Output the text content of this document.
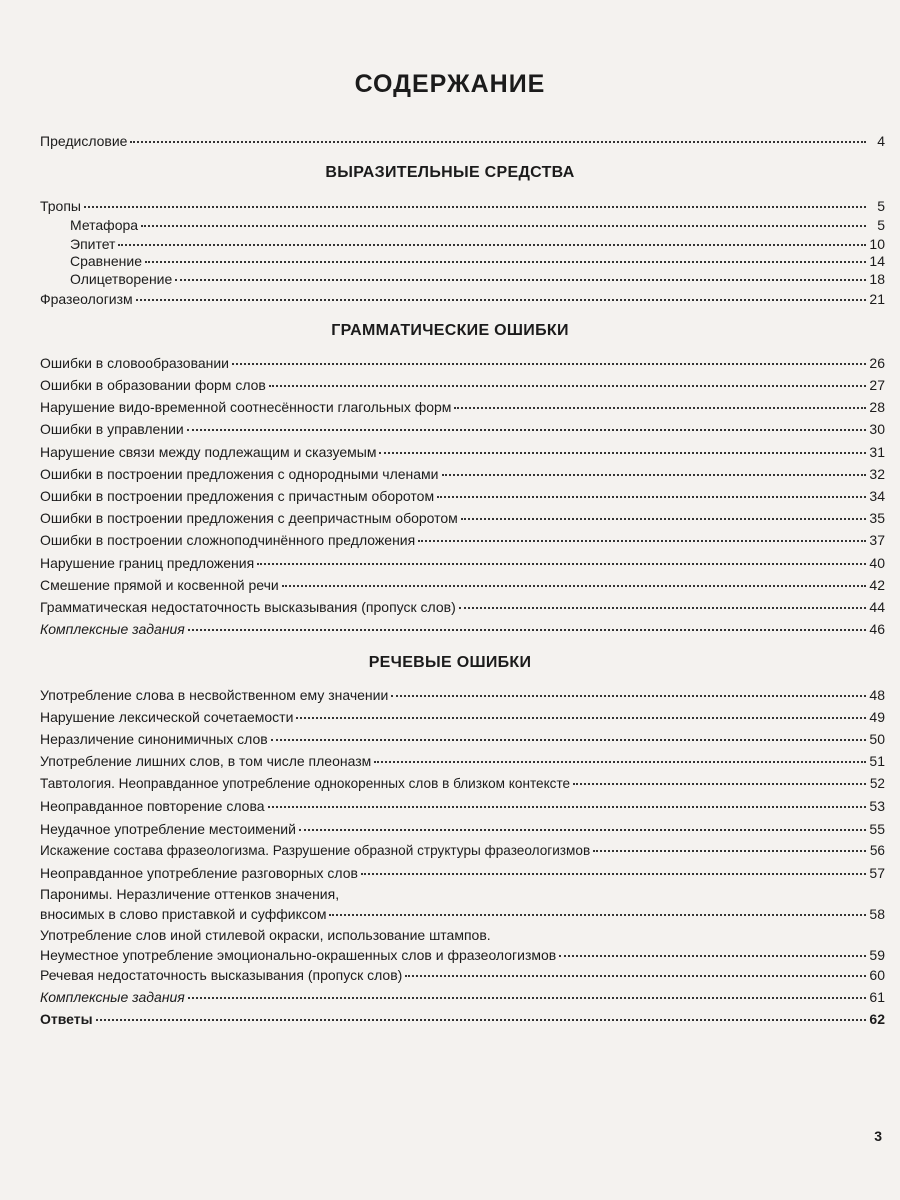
СОДЕРЖАНИЕ
Предисловие	4
ВЫРАЗИТЕЛЬНЫЕ СРЕДСТВА
Тропы	5
Метафора	5
Эпитет	10
Сравнение	14
Олицетворение	18
Фразеологизм	21
ГРАММАТИЧЕСКИЕ ОШИБКИ
Ошибки в словообразовании	26
Ошибки в образовании форм слов	27
Нарушение видо-временной соотнесённости глагольных форм	28
Ошибки в управлении	30
Нарушение связи между подлежащим и сказуемым	31
Ошибки в построении предложения с однородными членами	32
Ошибки в построении предложения с причастным оборотом	34
Ошибки в построении предложения с деепричастным оборотом	35
Ошибки в построении сложноподчинённого предложения	37
Нарушение границ предложения	40
Смешение прямой и косвенной речи	42
Грамматическая недостаточность высказывания (пропуск слов)	44
Комплексные задания	46
РЕЧЕВЫЕ ОШИБКИ
Употребление слова в несвойственном ему значении	48
Нарушение лексической сочетаемости	49
Неразличение синонимичных слов	50
Употребление лишних слов, в том числе плеоназм	51
Тавтология. Неоправданное употребление однокоренных слов в близком контексте	52
Неоправданное повторение слова	53
Неудачное употребление местоимений	55
Искажение состава фразеологизма. Разрушение образной структуры фразеологизмов	56
Неоправданное употребление разговорных слов	57
Паронимы. Неразличение оттенков значения,
вносимых в слово приставкой и суффиксом	58
Употребление слов иной стилевой окраски, использование штампов.
Неуместное употребление эмоционально-окрашенных слов и фразеологизмов	59
Речевая недостаточность высказывания (пропуск слов)	60
Комплексные задания	61
Ответы	62
3
